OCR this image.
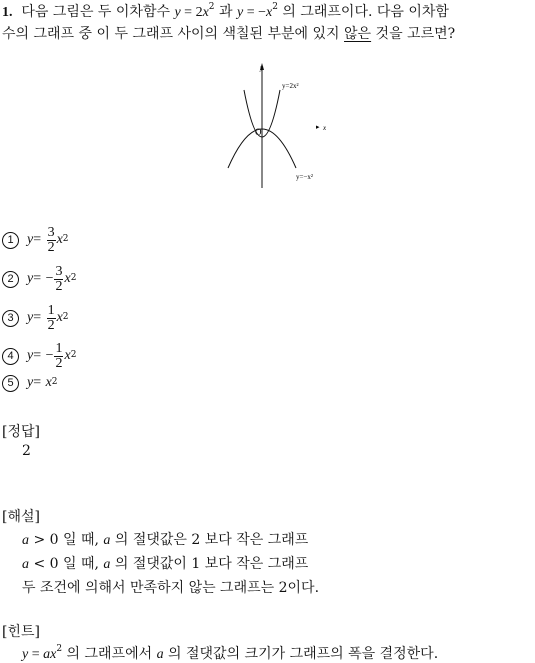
1. 다음 그림은 두 이차함수 $y = 2x^2$ 과 $y = -x^2$ 의 그래프이다. 다음 이차함
수의 그래프 중 이 두 그래프 사이의 색칠된 부분에 있지 않은 것을 고르면?
y
O	▸ x
y=2x²
y=−x²
1 y =
$\frac{3}{2} x^2$
2 y =
− $\frac{3}{2} x^2$
3 y =
$\frac{1}{2} x^2$
4 y =
− $\frac{1}{2} x^2$
5 y =
$x^2$
[정답]
2
[해설]
a > 0 일 때, a 의 절댓값은 2 보다 작은 그래프
a < 0 일 때, a 의 절댓값이 1 보다 작은 그래프
두 조건에 의해서 만족하지 않는 그래프는 2이다.
[힌트]
$y = ax^2$ 의 그래프에서 a 의 절댓값의 크기가 그래프의 폭을 결정한다.
